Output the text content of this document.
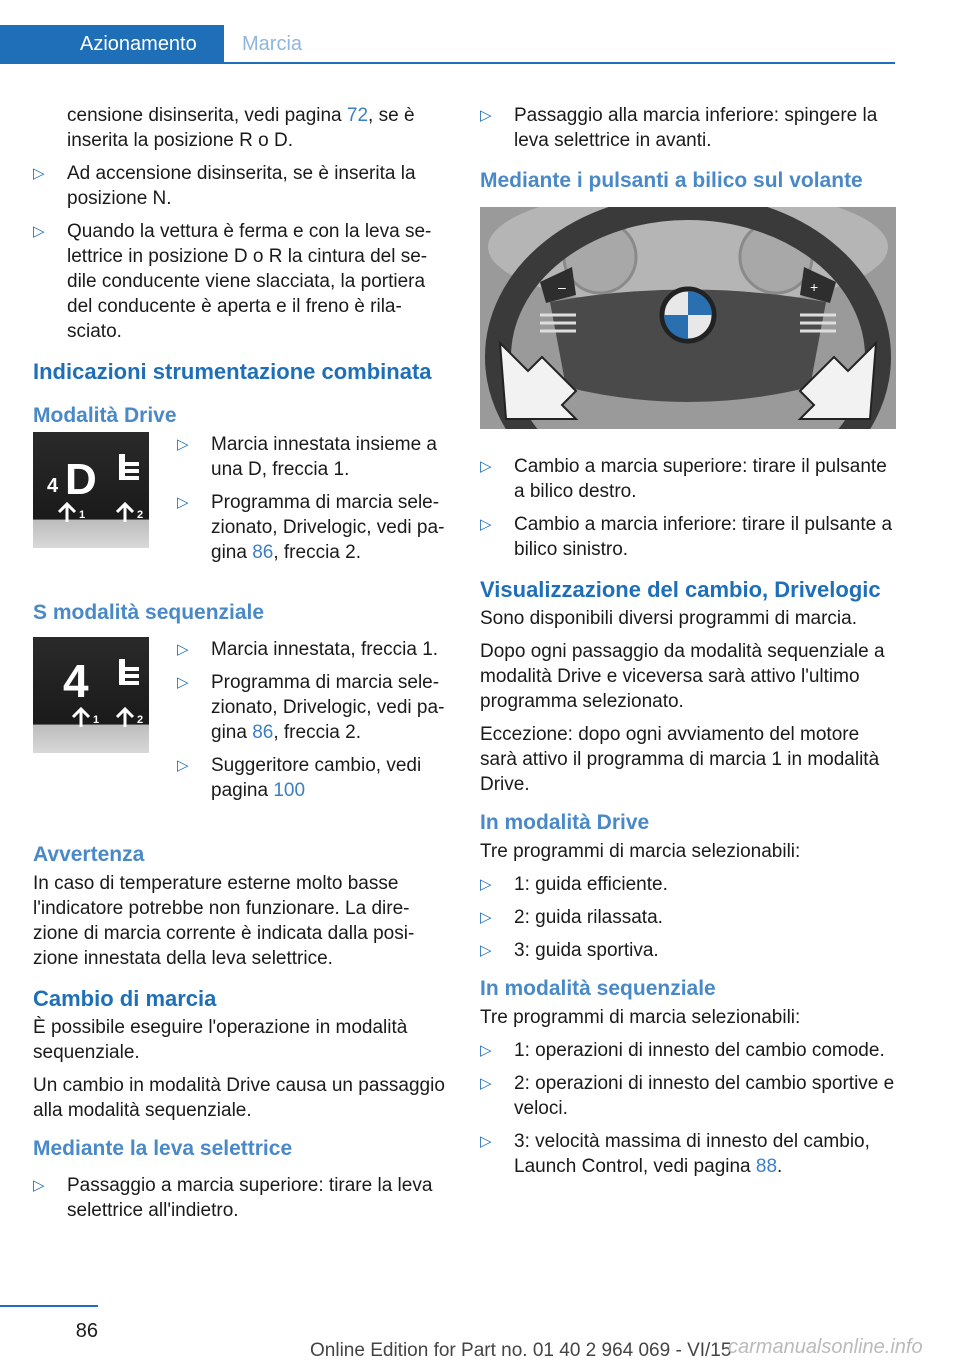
Azionamento	Marcia
censione disinserita, vedi pagina 72, se è inserita la posizione R o D.
▷ Ad accensione disinserita, se è inserita la posizione N.
▷ Quando la vettura è ferma e con la leva selettrice in posizione D o R la cintura del sedile conducente viene slacciata, la portiera del conducente è aperta e il freno è rilasciato.
Indicazioni strumentazione combinata
Modalità Drive
4 D
1	2
▷ Marcia innestata insieme a una D, freccia 1.
▷ Programma di marcia selezionato, Drivelogic, vedi pagina 86, freccia 2.
S modalità sequenziale
4
1	2
▷ Marcia innestata, freccia 1.
▷ Programma di marcia selezionato, Drivelogic, vedi pagina 86, freccia 2.
▷ Suggeritore cambio, vedi pagina 100
Avvertenza

In caso di temperature esterne molto basse l'indicatore potrebbe non funzionare. La direzione di marcia corrente è indicata dalla posizione innestata della leva selettrice.

Cambio di marcia

È possibile eseguire l'operazione in modalità sequenziale.

Un cambio in modalità Drive causa un passaggio alla modalità sequenziale.

Mediante la leva selettrice
▷ Passaggio a marcia superiore: tirare la leva selettrice all'indietro.
▷ Passaggio alla marcia inferiore: spingere la leva selettrice in avanti.
Mediante i pulsanti a bilico sul volante
–	+
▷ Cambio a marcia superiore: tirare il pulsante a bilico destro.
▷ Cambio a marcia inferiore: tirare il pulsante a bilico sinistro.
Visualizzazione del cambio, Drivelogic

Sono disponibili diversi programmi di marcia.

Dopo ogni passaggio da modalità sequenziale a modalità Drive e viceversa sarà attivo l'ultimo programma selezionato.

Eccezione: dopo ogni avviamento del motore sarà attivo il programma di marcia 1 in modalità Drive.

In modalità Drive

Tre programmi di marcia selezionabili:

▷ 1: guida efficiente.
▷ 2: guida rilassata.
▷ 3: guida sportiva.
In modalità sequenziale

Tre programmi di marcia selezionabili:

▷ 1: operazioni di innesto del cambio comode.
▷ 2: operazioni di innesto del cambio sportive e veloci.
▷ 3: velocità massima di innesto del cambio, Launch Control, vedi pagina 88.
86
Online Edition for Part no. 01 40 2 964 069 - VI/15
carmanualsonline.info
